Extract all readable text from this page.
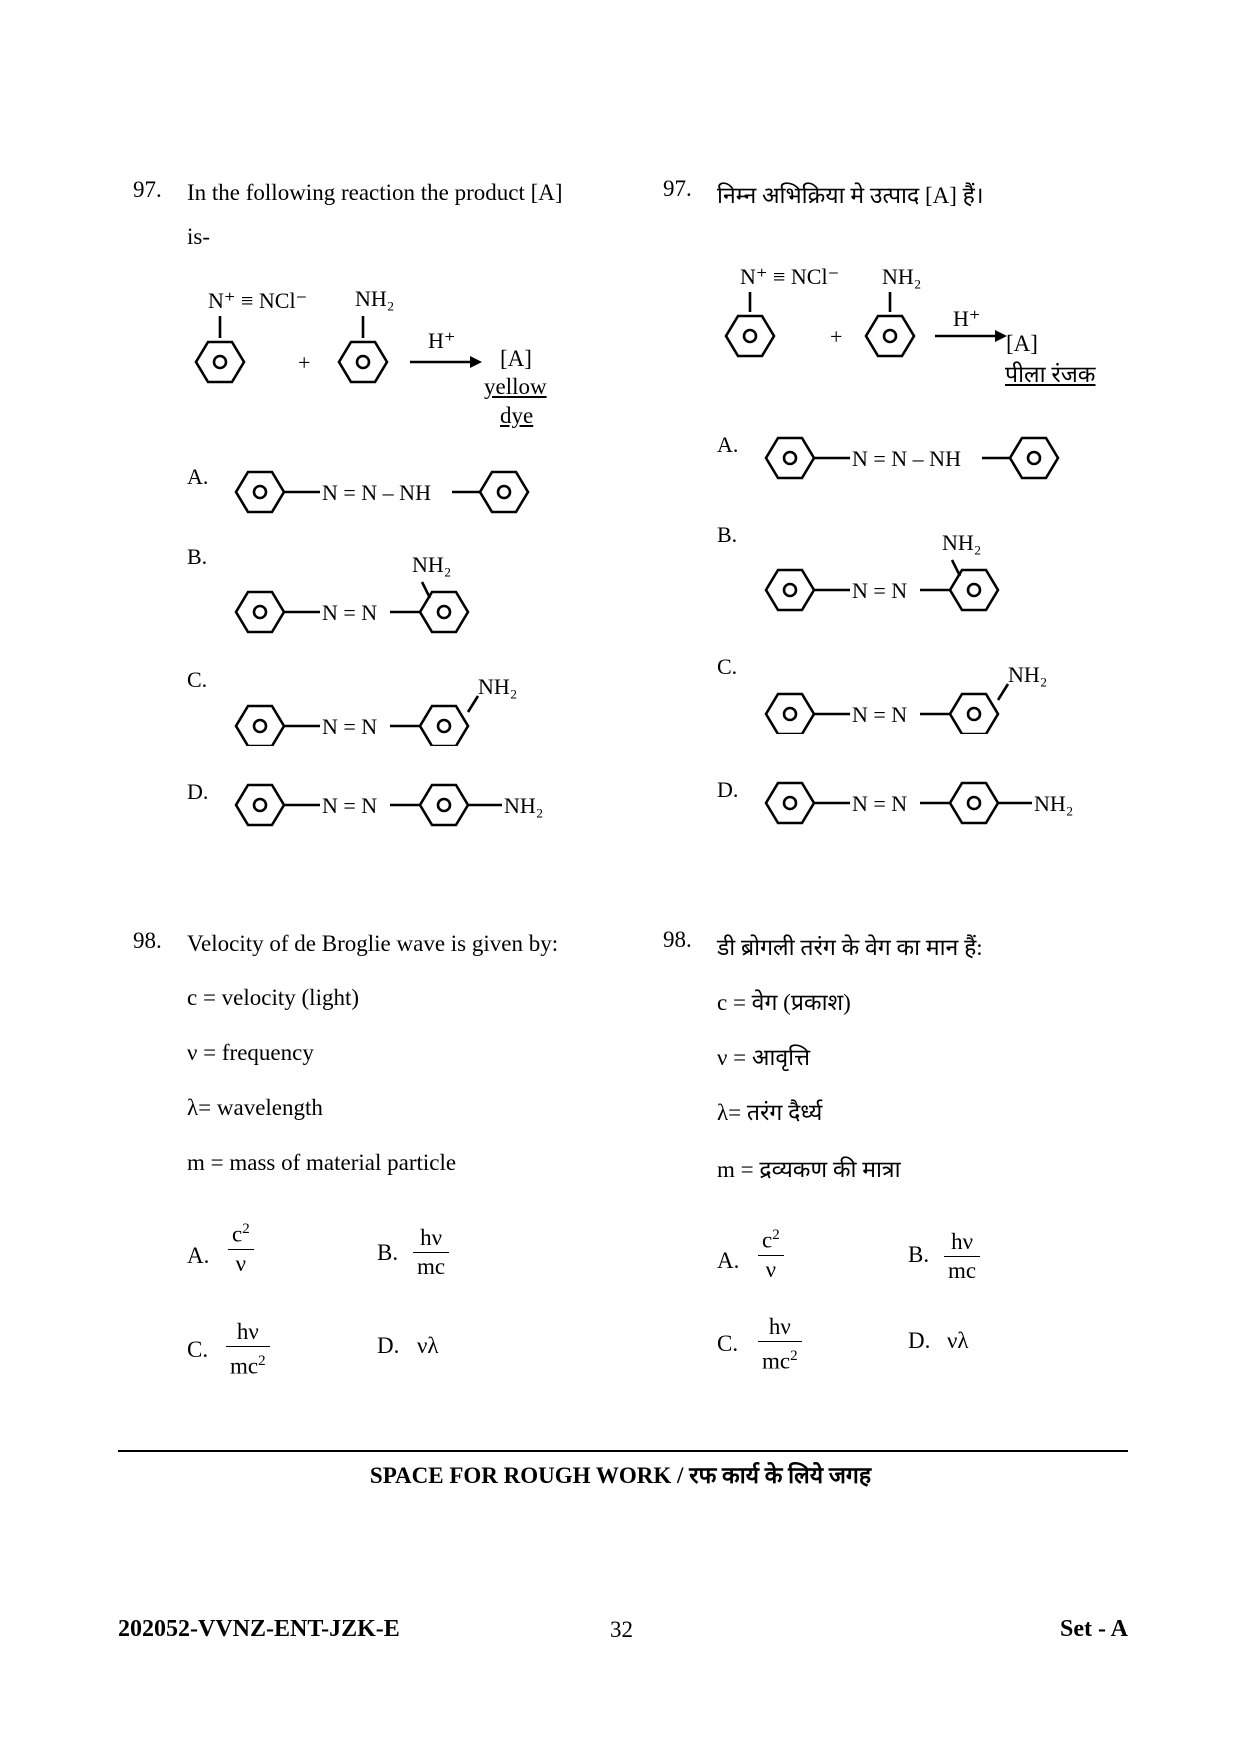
97. In the following reaction the product [A]
is-
N⁺ ≡ NCl⁻
+
NH₂
H⁺
[A]
yellow
dye
A.
N = N – NH
B.	NH₂
N = N
C.	NH₂
N = N
D.
N = N	NH₂
97. निम्न अभिक्रिया मे उत्पाद [A] हैं।
N⁺ ≡ NCl⁻
+
NH₂
H⁺
[A]
पीला रंजक
A.
N = N – NH
B.	NH₂
N = N
C.	NH₂
N = N
D.
N = N	NH₂
98. Velocity of de Broglie wave is given by:
c = velocity (light)
ν = frequency
λ= wavelength
m = mass of material particle
A. $\frac{c^2}{\nu}$	B. $\frac{h\nu}{mc}$
C. $\frac{h\nu}{mc^2}$	D. νλ
98. डी ब्रोगली तरंग के वेग का मान हैं:
c = वेग (प्रकाश)
ν = आवृत्ति
λ= तरंग दैर्ध्य
m = द्रव्यकण की मात्रा
A. $\frac{c^2}{\nu}$	B. $\frac{h\nu}{mc}$
C. $\frac{h\nu}{mc^2}$	D. νλ
SPACE FOR ROUGH WORK / रफ कार्य के लिये जगह
202052-VVNZ-ENT-JZK-E	32	Set - A
